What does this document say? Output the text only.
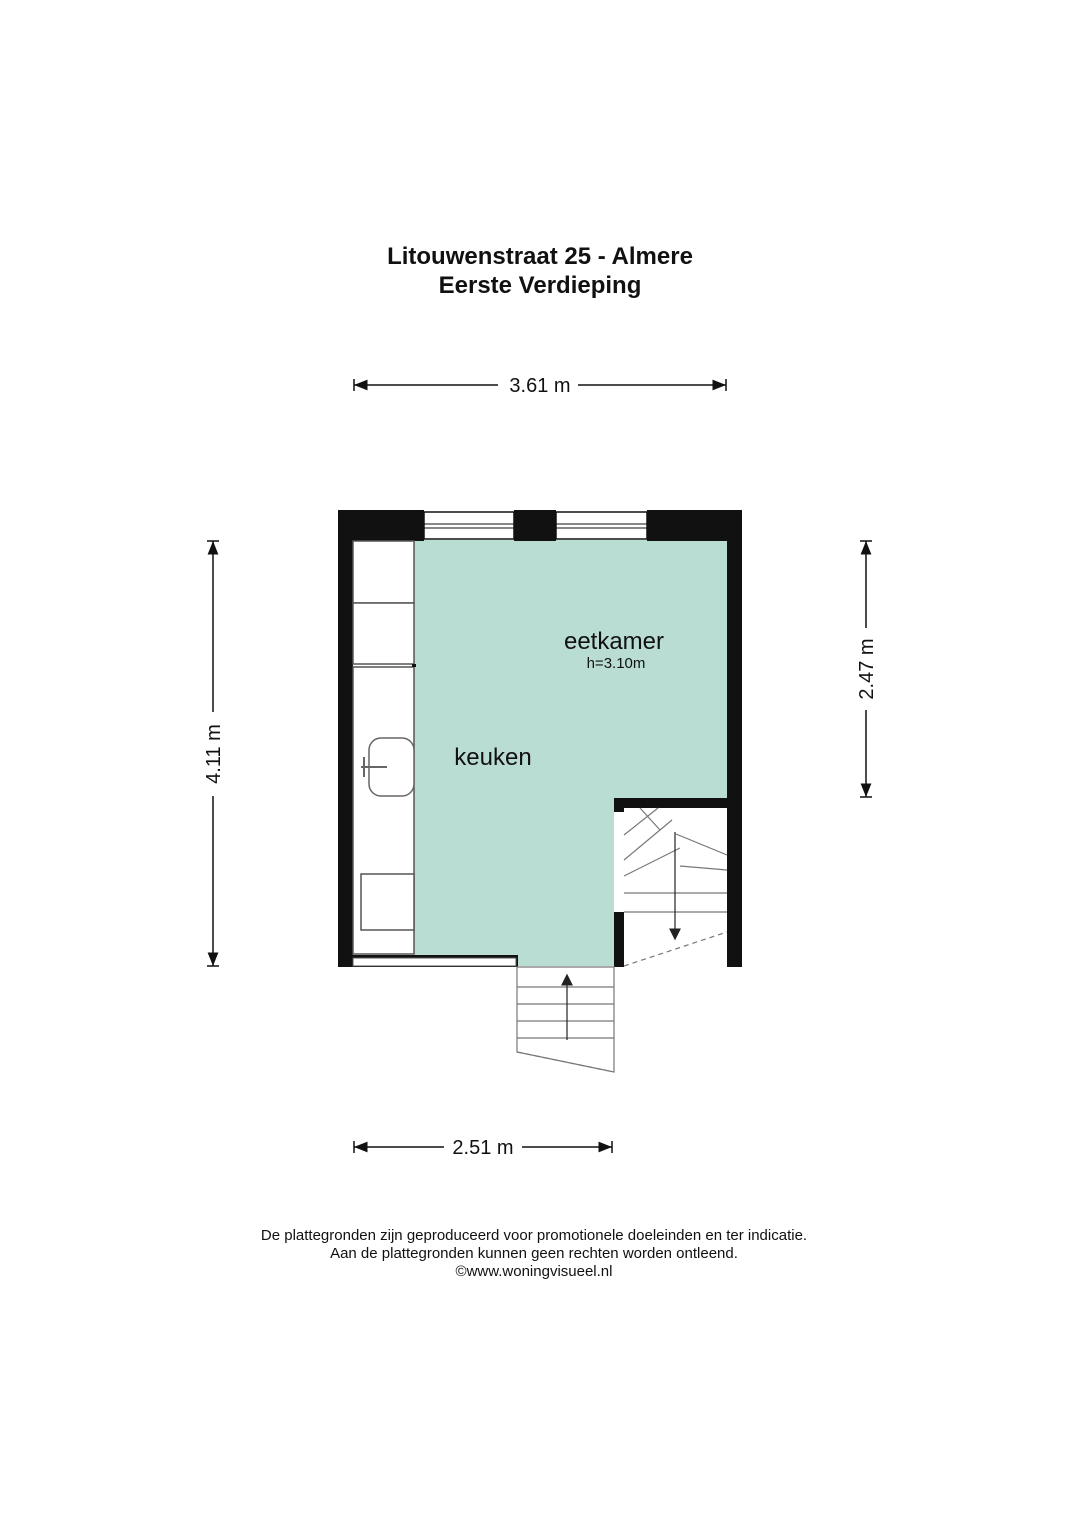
Litouwenstraat 25 - Almere
Eerste Verdieping
3.61 m
4.11 m
2.47 m
2.51 m
eetkamer
h=3.10m
keuken
De plattegronden zijn geproduceerd voor promotionele doeleinden en ter indicatie.
Aan de plattegronden kunnen geen rechten worden ontleend.
©www.woningvisueel.nl
